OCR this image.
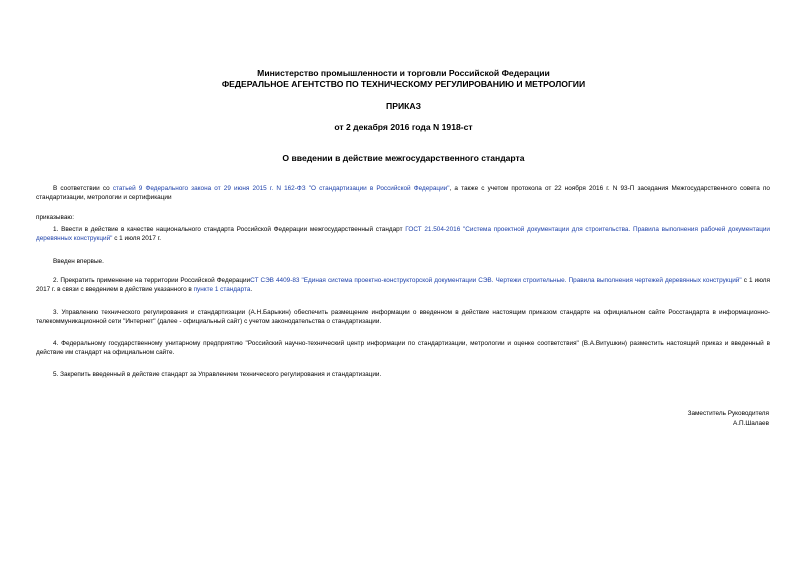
Министерство промышленности и торговли Российской Федерации
ФЕДЕРАЛЬНОЕ АГЕНТСТВО ПО ТЕХНИЧЕСКОМУ РЕГУЛИРОВАНИЮ И МЕТРОЛОГИИ
ПРИКАЗ
от 2 декабря 2016 года N 1918-ст
О введении в действие межгосударственного стандарта

В соответствии со статьей 9 Федерального закона от 29 июня 2015 г. N 162-ФЗ "О стандартизации в Российской Федерации", а также с учетом протокола от 22 ноября 2016 г. N 93-П заседания Межгосударственного совета по стандартизации, метрологии и сертификации

приказываю:

1. Ввести в действие в качестве национального стандарта Российской Федерации межгосударственный стандарт ГОСТ 21.504-2016 "Система проектной документации для строительства. Правила выполнения рабочей документации деревянных конструкций" с 1 июля 2017 г.

Введен впервые.

2. Прекратить применение на территории Российской ФедерацииСТ СЭВ 4409-83 "Единая система проектно-конструкторской документации СЭВ. Чертежи строительные. Правила выполнения чертежей деревянных конструкций" с 1 июля 2017 г. в связи с введением в действие указанного в пункте 1 стандарта.

3. Управлению технического регулирования и стандартизации (А.Н.Барыкин) обеспечить размещение информации о введенном в действие настоящим приказом стандарте на официальном сайте Росстандарта в информационно-телекоммуникационной сети "Интернет" (далее - официальный сайт) с учетом законодательства о стандартизации.

4. Федеральному государственному унитарному предприятию "Российский научно-технический центр информации по стандартизации, метрологии и оценке соответствия" (В.А.Витушкин) разместить настоящий приказ и введенный в действие им стандарт на официальном сайте.

5. Закрепить введенный в действие стандарт за Управлением технического регулирования и стандартизации.

Заместитель Руководителя
А.П.Шалаев
